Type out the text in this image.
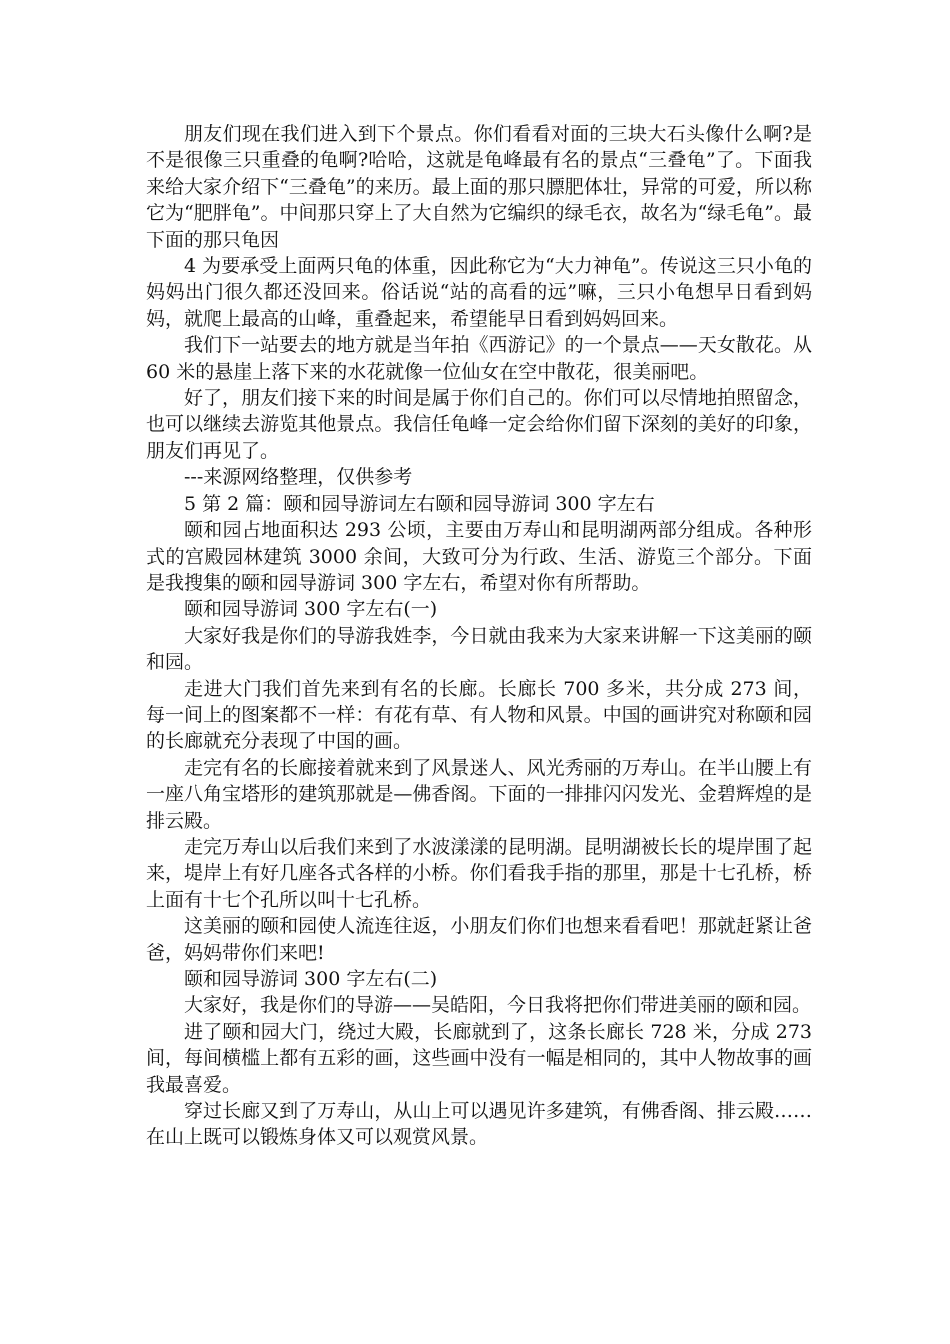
朋友们现在我们进入到下个景点。你们看看对面的三块大石头像什么啊?是不是很像三只重叠的龟啊?哈哈，这就是龟峰最有名的景点“三叠龟”了。下面我来给大家介绍下“三叠龟”的来历。最上面的那只膘肥体壮，异常的可爱，所以称它为“肥胖龟”。中间那只穿上了大自然为它编织的绿毛衣，故名为“绿毛龟”。最下面的那只龟因

4 为要承受上面两只龟的体重，因此称它为“大力神龟”。传说这三只小龟的妈妈出门很久都还没回来。俗话说“站的高看的远”嘛，三只小龟想早日看到妈妈，就爬上最高的山峰，重叠起来，希望能早日看到妈妈回来。

我们下一站要去的地方就是当年拍《西游记》的一个景点——天女散花。从 60 米的悬崖上落下来的水花就像一位仙女在空中散花，很美丽吧。

好了，朋友们接下来的时间是属于你们自己的。你们可以尽情地拍照留念，也可以继续去游览其他景点。我信任龟峰一定会给你们留下深刻的美好的印象，朋友们再见了。

---来源网络整理，仅供参考

5 第 2 篇：颐和园导游词左右颐和园导游词 300 字左右

颐和园占地面积达 293 公顷，主要由万寿山和昆明湖两部分组成。各种形式的宫殿园林建筑 3000 余间，大致可分为行政、生活、游览三个部分。下面是我搜集的颐和园导游词 300 字左右，希望对你有所帮助。

颐和园导游词 300 字左右(一)

大家好我是你们的导游我姓李，今日就由我来为大家来讲解一下这美丽的颐和园。

走进大门我们首先来到有名的长廊。长廊长 700 多米，共分成 273 间，每一间上的图案都不一样：有花有草、有人物和风景。中国的画讲究对称颐和园的长廊就充分表现了中国的画。

走完有名的长廊接着就来到了风景迷人、风光秀丽的万寿山。在半山腰上有一座八角宝塔形的建筑那就是—佛香阁。下面的一排排闪闪发光、金碧辉煌的是排云殿。

走完万寿山以后我们来到了水波漾漾的昆明湖。昆明湖被长长的堤岸围了起来，堤岸上有好几座各式各样的小桥。你们看我手指的那里，那是十七孔桥，桥上面有十七个孔所以叫十七孔桥。

这美丽的颐和园使人流连往返，小朋友们你们也想来看看吧！那就赶紧让爸爸，妈妈带你们来吧!

颐和园导游词 300 字左右(二)

大家好，我是你们的导游——吴皓阳，今日我将把你们带进美丽的颐和园。

进了颐和园大门，绕过大殿，长廊就到了，这条长廊长 728 米，分成 273 间，每间横槛上都有五彩的画，这些画中没有一幅是相同的，其中人物故事的画我最喜爱。

穿过长廊又到了万寿山，从山上可以遇见许多建筑，有佛香阁、排云殿……在山上既可以锻炼身体又可以观赏风景。
